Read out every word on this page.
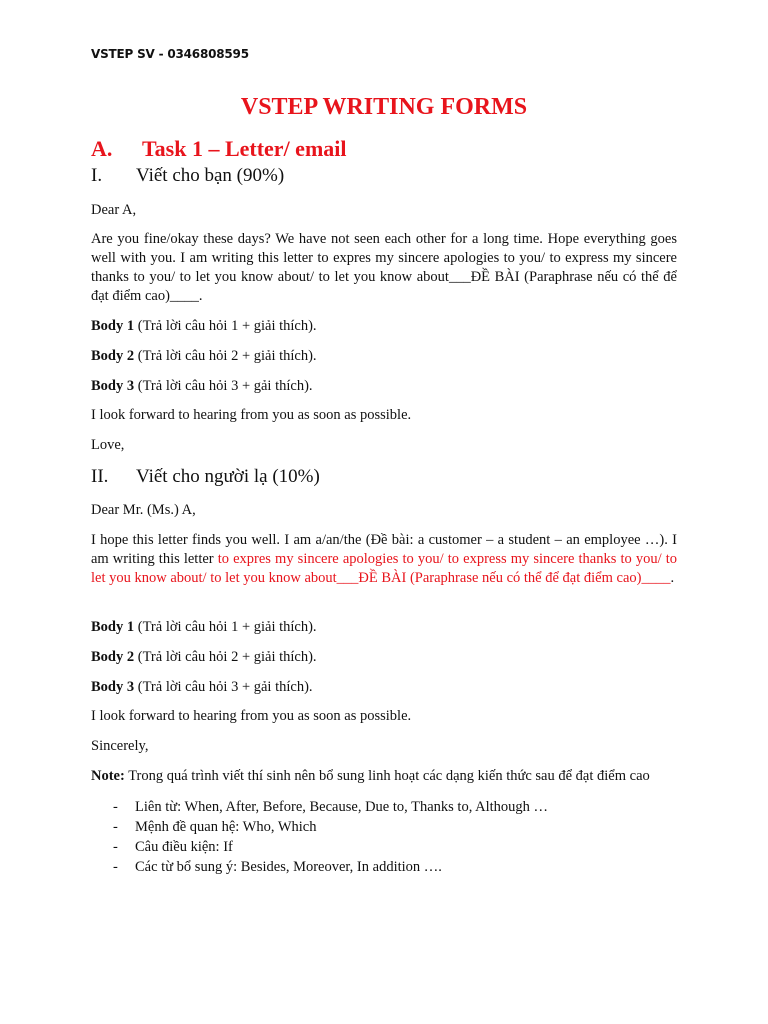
VSTEP SV - 0346808595
VSTEP WRITING FORMS
A. Task 1 – Letter/ email
I. Viết cho bạn (90%)
Dear A,
Are you fine/okay these days? We have not seen each other for a long time. Hope everything goes well with you. I am writing this letter to expres my sincere apologies to you/ to express my sincere thanks to you/ to let you know about/ to let you know about___ĐỀ BÀI (Paraphrase nếu có thể để đạt điểm cao)____.
Body 1 (Trả lời câu hỏi 1 + giải thích).
Body 2 (Trả lời câu hỏi 2 + giải thích).
Body 3 (Trả lời câu hỏi 3 + gải thích).
I look forward to hearing from you as soon as possible.
Love,
II. Viết cho người lạ (10%)
Dear Mr. (Ms.) A,
I hope this letter finds you well. I am a/an/the (Đề bài: a customer – a student – an employee …). I am writing this letter to expres my sincere apologies to you/ to express my sincere thanks to you/ to let you know about/ to let you know about___ĐỀ BÀI (Paraphrase nếu có thể để đạt điểm cao)____.
Body 1 (Trả lời câu hỏi 1 + giải thích).
Body 2 (Trả lời câu hỏi 2 + giải thích).
Body 3 (Trả lời câu hỏi 3 + gải thích).
I look forward to hearing from you as soon as possible.
Sincerely,
Note: Trong quá trình viết thí sinh nên bổ sung linh hoạt các dạng kiến thức sau để đạt điểm cao
- Liên từ: When, After, Before, Because, Due to, Thanks to, Although …
- Mệnh đề quan hệ: Who, Which
- Câu điều kiện: If
- Các từ bổ sung ý: Besides, Moreover, In addition ….
